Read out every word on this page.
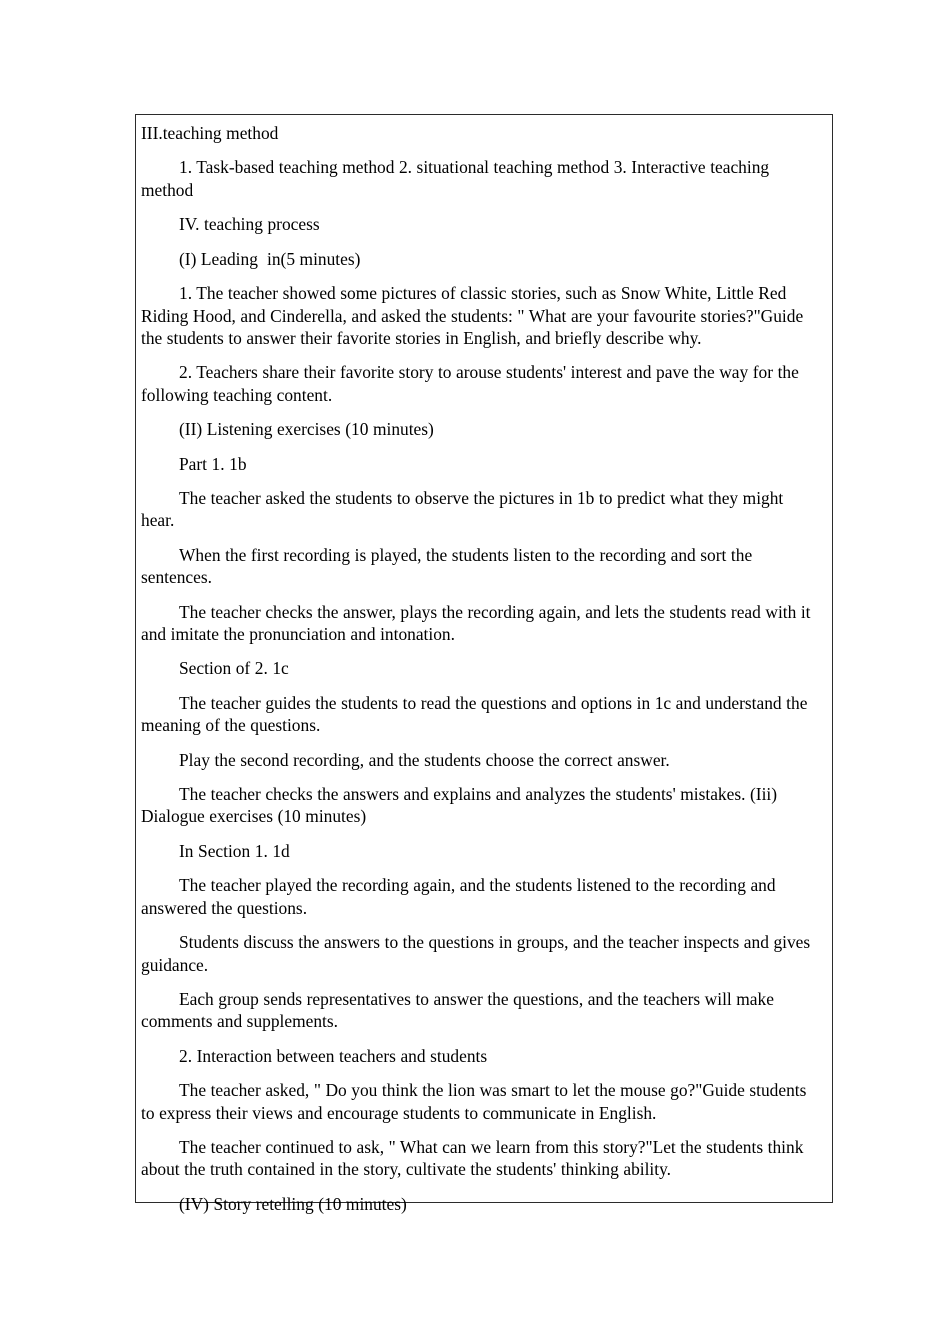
III.teaching method

1. Task-based teaching method 2. situational teaching method 3. Interactive teaching method

IV. teaching process

(I) Leading  in(5 minutes)

1. The teacher showed some pictures of classic stories, such as Snow White, Little Red Riding Hood, and Cinderella, and asked the students: " What are your favourite stories?"Guide the students to answer their favorite stories in English, and briefly describe why.

2. Teachers share their favorite story to arouse students' interest and pave the way for the following teaching content.

(II) Listening exercises (10 minutes)

Part 1. 1b

The teacher asked the students to observe the pictures in 1b to predict what they might hear.

When the first recording is played, the students listen to the recording and sort the sentences.

The teacher checks the answer, plays the recording again, and lets the students read with it and imitate the pronunciation and intonation.

Section of 2. 1c

The teacher guides the students to read the questions and options in 1c and understand the meaning of the questions.

Play the second recording, and the students choose the correct answer.

The teacher checks the answers and explains and analyzes the students' mistakes. (Iii) Dialogue exercises (10 minutes)

In Section 1. 1d

The teacher played the recording again, and the students listened to the recording and answered the questions.

Students discuss the answers to the questions in groups, and the teacher inspects and gives guidance.

Each group sends representatives to answer the questions, and the teachers will make comments and supplements.

2. Interaction between teachers and students

The teacher asked, " Do you think the lion was smart to let the mouse go?"Guide students to express their views and encourage students to communicate in English.

The teacher continued to ask, " What can we learn from this story?"Let the students think about the truth contained in the story, cultivate the students' thinking ability.

(IV) Story retelling (10 minutes)
